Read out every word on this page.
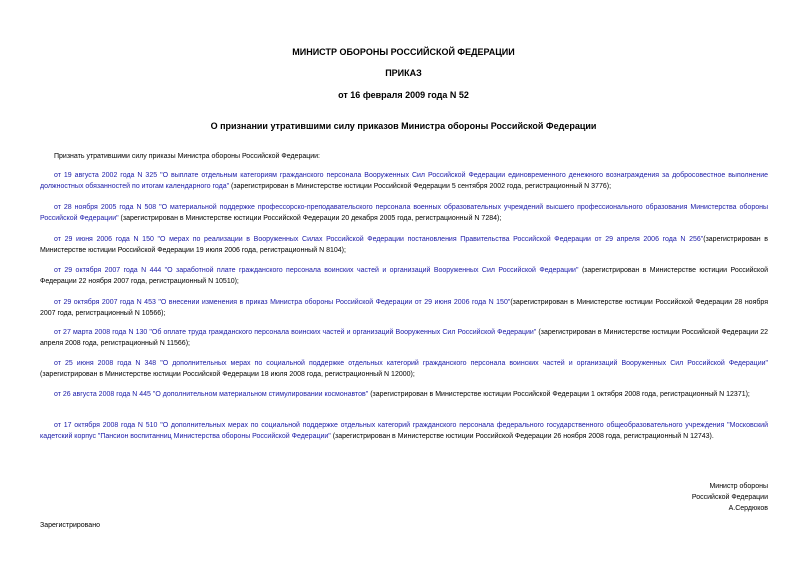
МИНИСТР ОБОРОНЫ РОССИЙСКОЙ ФЕДЕРАЦИИ
ПРИКАЗ
от 16 февраля 2009 года N 52
О признании утратившими силу приказов Министра обороны Российской Федерации
Признать утратившими силу приказы Министра обороны Российской Федерации:
от 19 августа 2002 года N 325 "О выплате отдельным категориям гражданского персонала Вооруженных Сил Российской Федерации единовременного денежного вознаграждения за добросовестное выполнение должностных обязанностей по итогам календарного года" (зарегистрирован в Министерстве юстиции Российской Федерации 5 сентября 2002 года, регистрационный N 3776);
от 28 ноября 2005 года N 508 "О материальной поддержке профессорско-преподавательского персонала военных образовательных учреждений высшего профессионального образования Министерства обороны Российской Федерации" (зарегистрирован в Министерстве юстиции Российской Федерации 20 декабря 2005 года, регистрационный N 7284);
от 29 июня 2006 года N 150 "О мерах по реализации в Вооруженных Силах Российской Федерации постановления Правительства Российской Федерации от 29 апреля 2006 года N 256"(зарегистрирован в Министерстве юстиции Российской Федерации 19 июля 2006 года, регистрационный N 8104);
от 29 октября 2007 года N 444 "О заработной плате гражданского персонала воинских частей и организаций Вооруженных Сил Российской Федерации" (зарегистрирован в Министерстве юстиции Российской Федерации 22 ноября 2007 года, регистрационный N 10510);
от 29 октября 2007 года N 453 "О внесении изменения в приказ Министра обороны Российской Федерации от 29 июня 2006 года N 150"(зарегистрирован в Министерстве юстиции Российской Федерации 28 ноября 2007 года, регистрационный N 10566);
от 27 марта 2008 года N 130 "Об оплате труда гражданского персонала воинских частей и организаций Вооруженных Сил Российской Федерации" (зарегистрирован в Министерстве юстиции Российской Федерации 22 апреля 2008 года, регистрационный N 11566);
от 25 июня 2008 года N 348 "О дополнительных мерах по социальной поддержке отдельных категорий гражданского персонала воинских частей и организаций Вооруженных Сил Российской Федерации" (зарегистрирован в Министерстве юстиции Российской Федерации 18 июля 2008 года, регистрационный N 12000);
от 26 августа 2008 года N 445 "О дополнительном материальном стимулировании космонавтов" (зарегистрирован в Министерстве юстиции Российской Федерации 1 октября 2008 года, регистрационный N 12371);
от 17 октября 2008 года N 510 "О дополнительных мерах по социальной поддержке отдельных категорий гражданского персонала федерального государственного общеобразовательного учреждения "Московский кадетский корпус "Пансион воспитанниц Министерства обороны Российской Федерации" (зарегистрирован в Министерстве юстиции Российской Федерации 26 ноября 2008 года, регистрационный N 12743).
Министр обороны
Российской Федерации
А.Сердюков
Зарегистрировано
